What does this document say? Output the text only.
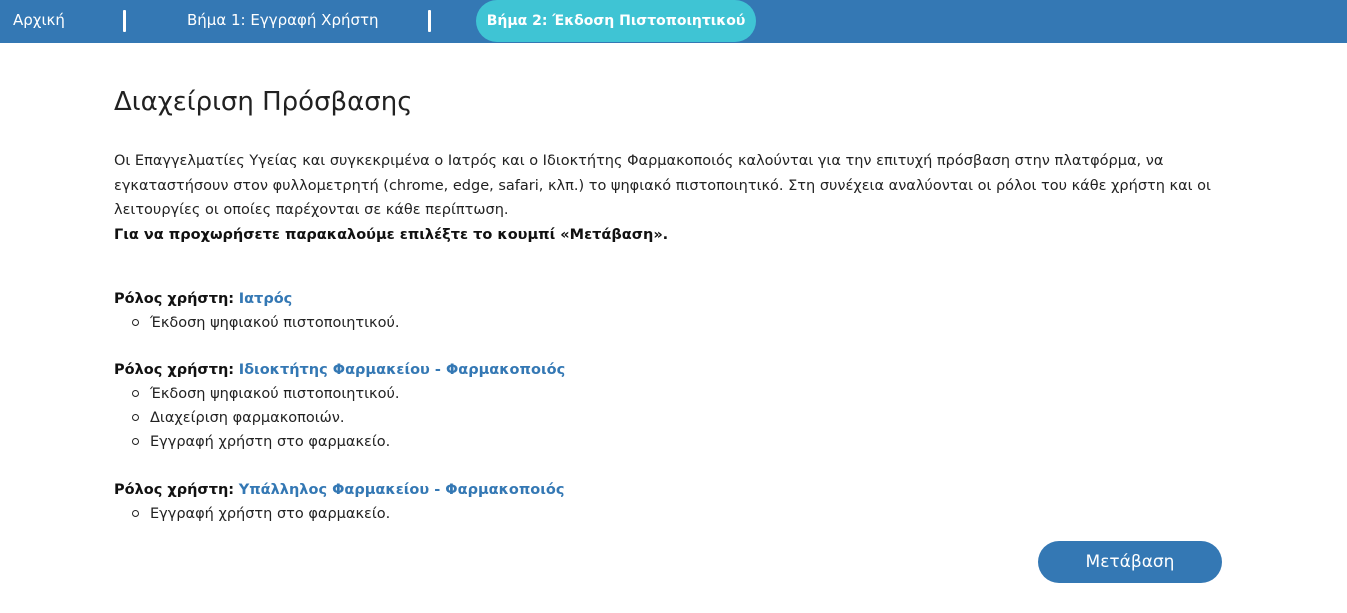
Αρχική	Βήμα 1: Εγγραφή Χρήστη	Βήμα 2: Έκδοση Πιστοποιητικού
Διαχείριση Πρόσβασης
Οι Επαγγελματίες Υγείας και συγκεκριμένα ο Ιατρός και ο Ιδιοκτήτης Φαρμακοποιός καλούνται για την επιτυχή πρόσβαση στην πλατφόρμα, να
εγκαταστήσουν στον φυλλομετρητή (chrome, edge, safari, κλπ.) το ψηφιακό πιστοποιητικό. Στη συνέχεια αναλύονται οι ρόλοι του κάθε χρήστη και οι
λειτουργίες οι οποίες παρέχονται σε κάθε περίπτωση.
Για να προχωρήσετε παρακαλούμε επιλέξτε το κουμπί «Μετάβαση».
Ρόλος χρήστη: Ιατρός
Έκδοση ψηφιακού πιστοποιητικού.
Ρόλος χρήστη: Ιδιοκτήτης Φαρμακείου - Φαρμακοποιός
Έκδοση ψηφιακού πιστοποιητικού.
Διαχείριση φαρμακοποιών.
Εγγραφή χρήστη στο φαρμακείο.
Ρόλος χρήστη: Υπάλληλος Φαρμακείου - Φαρμακοποιός
Εγγραφή χρήστη στο φαρμακείο.
Μετάβαση
